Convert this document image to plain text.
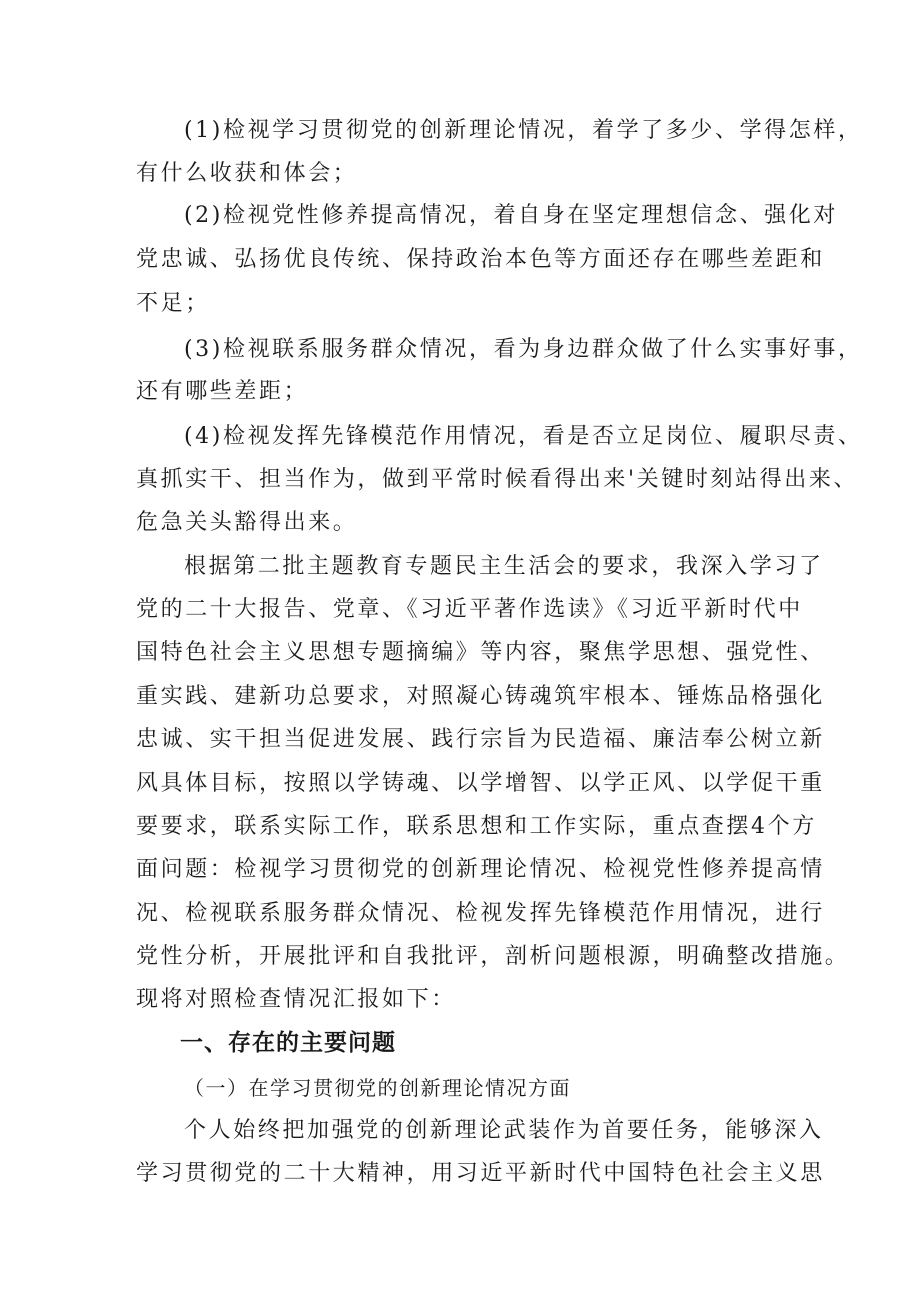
(1)检视学习贯彻党的创新理论情况，着学了多少、学得怎样，
有什么收获和体会；
(2)检视党性修养提高情况，着自身在坚定理想信念、强化对
党忠诚、弘扬优良传统、保持政治本色等方面还存在哪些差距和
不足；
(3)检视联系服务群众情况，看为身边群众做了什么实事好事，
还有哪些差距；
(4)检视发挥先锋模范作用情况，看是否立足岗位、履职尽责、
真抓实干、担当作为，做到平常时候看得出来'关键时刻站得出来、
危急关头豁得出来。
根据第二批主题教育专题民主生活会的要求，我深入学习了
党的二十大报告、党章、《习近平著作选读》《习近平新时代中
国特色社会主义思想专题摘编》等内容，聚焦学思想、强党性、
重实践、建新功总要求，对照凝心铸魂筑牢根本、锤炼品格强化
忠诚、实干担当促进发展、践行宗旨为民造福、廉洁奉公树立新
风具体目标，按照以学铸魂、以学增智、以学正风、以学促干重
要要求，联系实际工作，联系思想和工作实际，重点查摆4个方
面问题：检视学习贯彻党的创新理论情况、检视党性修养提高情
况、检视联系服务群众情况、检视发挥先锋模范作用情况，进行
党性分析，开展批评和自我批评，剖析问题根源，明确整改措施。
现将对照检查情况汇报如下：
一、存在的主要问题
（一）在学习贯彻党的创新理论情况方面
个人始终把加强党的创新理论武装作为首要任务，能够深入
学习贯彻党的二十大精神，用习近平新时代中国特色社会主义思
